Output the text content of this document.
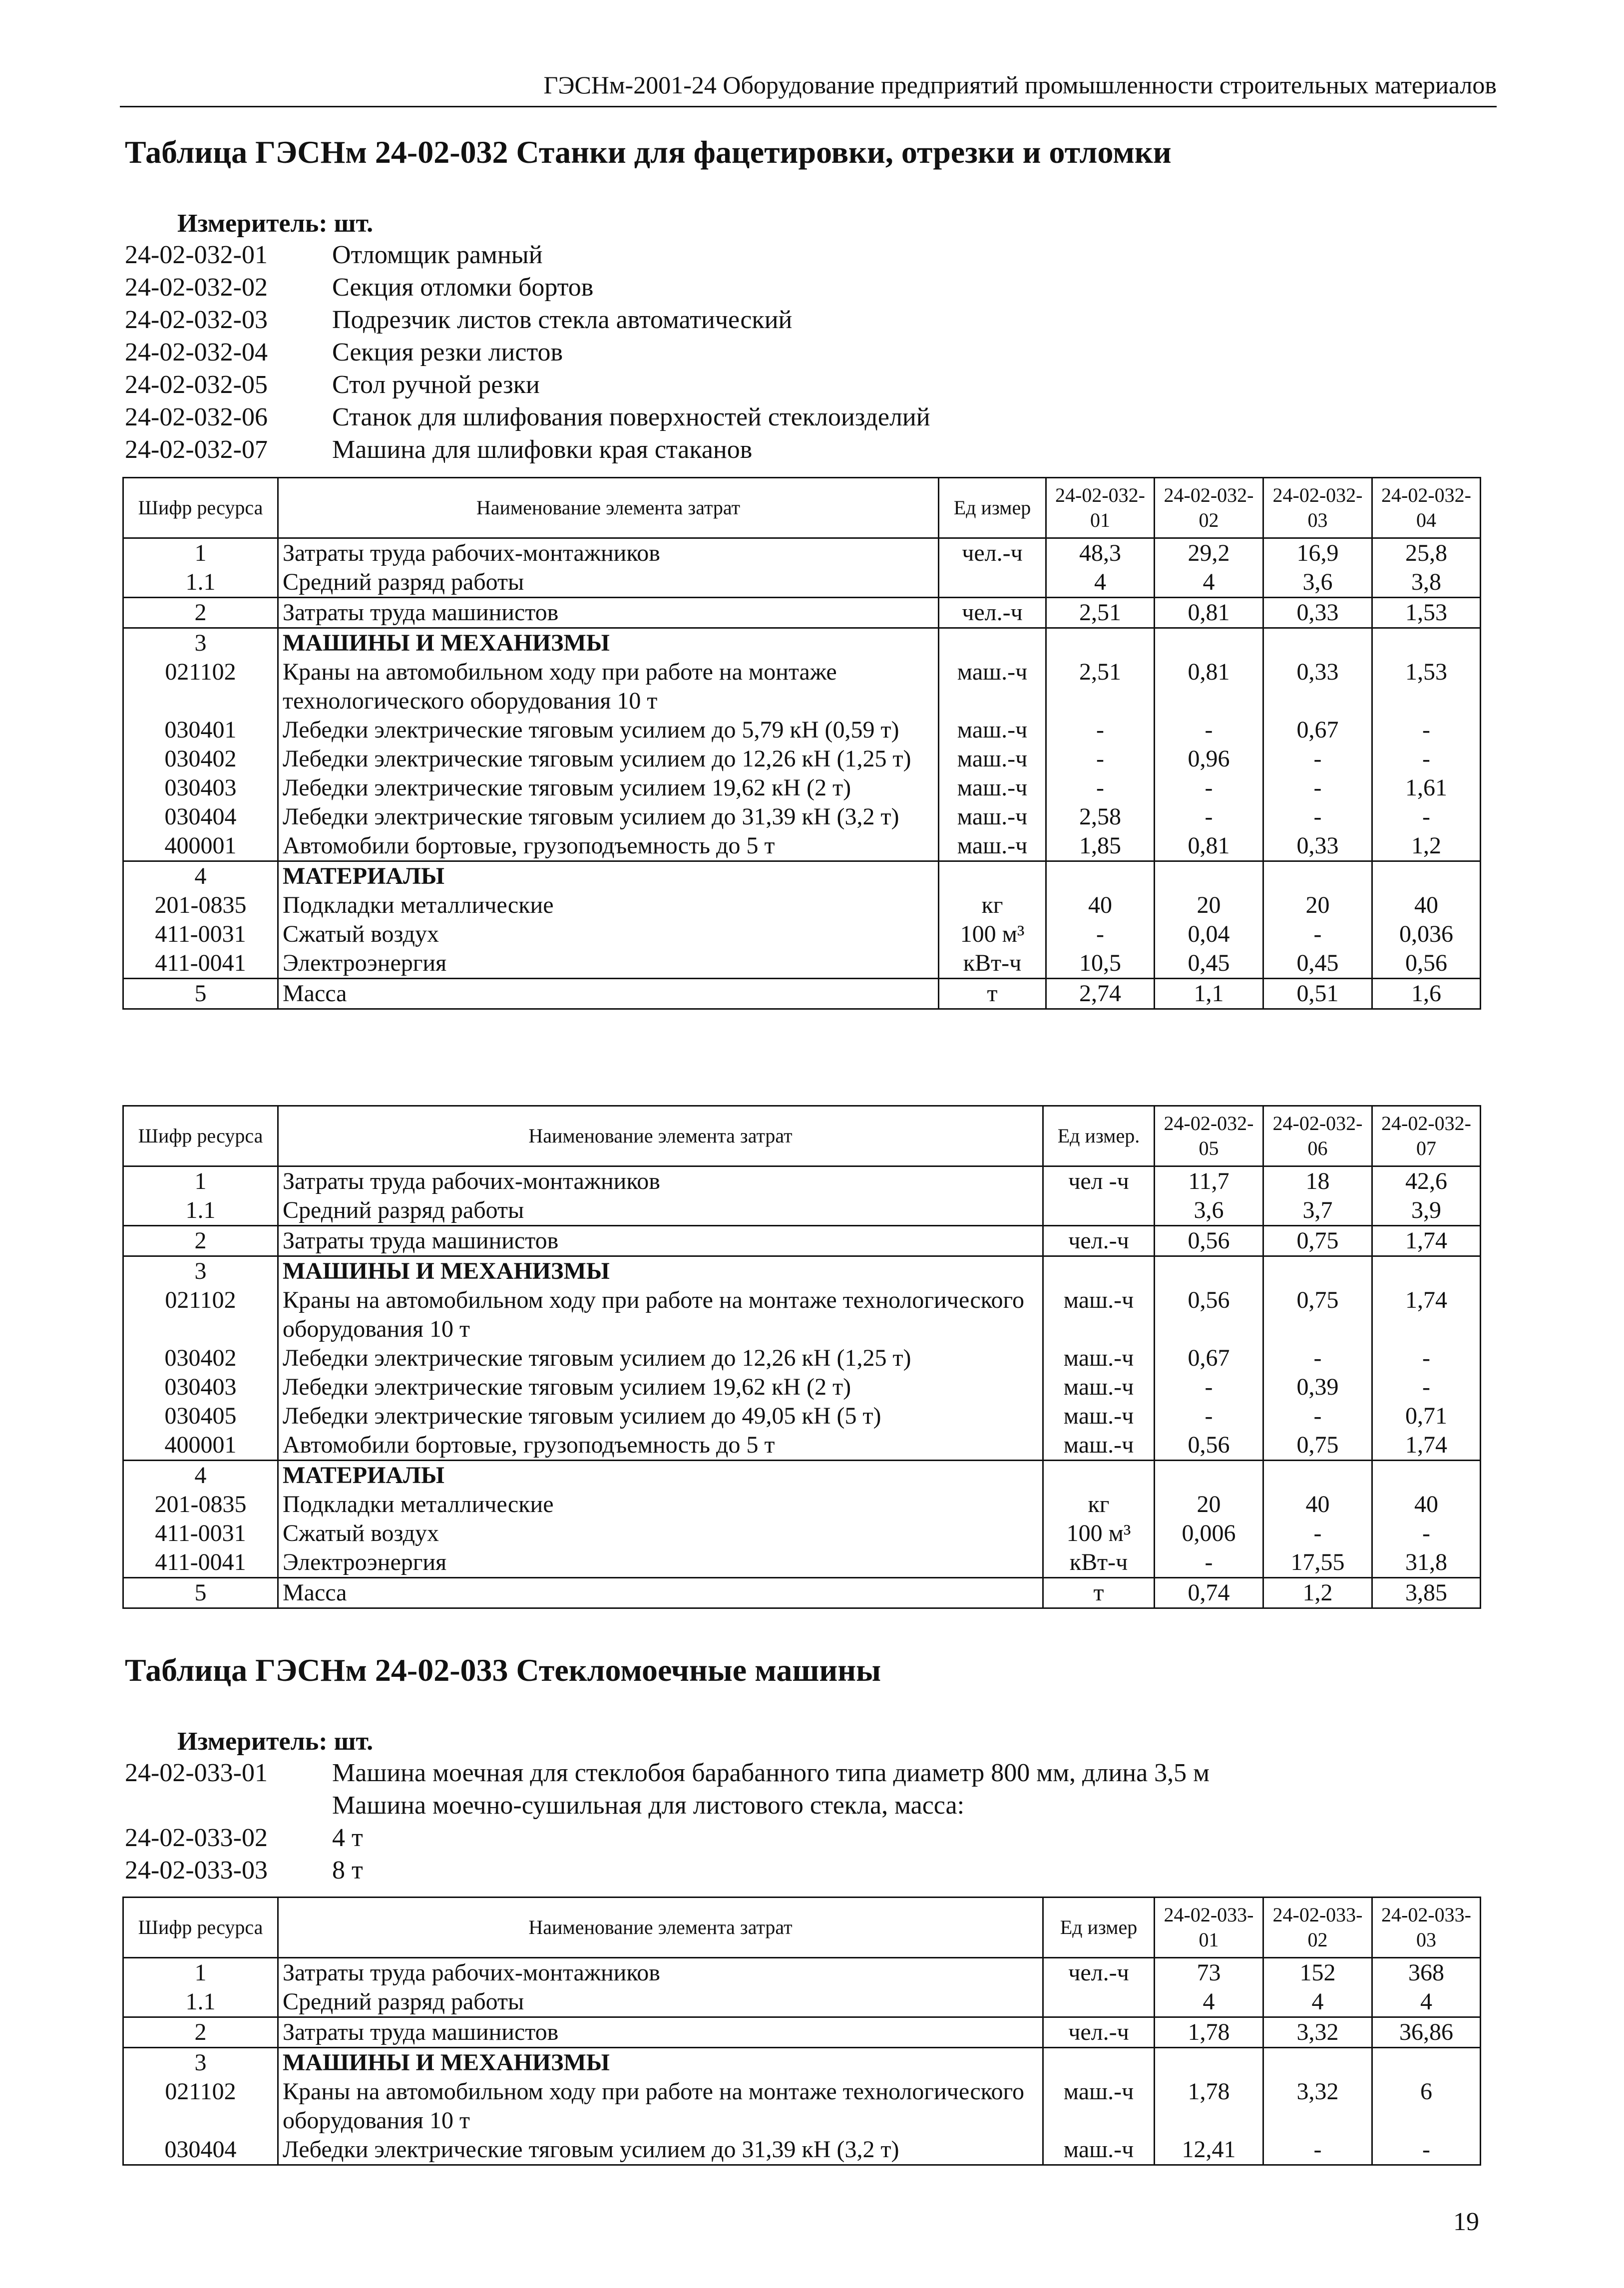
ГЭСНм-2001-24 Оборудование предприятий промышленности строительных материалов
Таблица ГЭСНм 24-02-032 Станки для фацетировки, отрезки и отломки
Измеритель: шт.
24-02-032-01	Отломщик рамный
24-02-032-02	Секция отломки бортов
24-02-032-03	Подрезчик листов стекла автоматический
24-02-032-04	Секция резки листов
24-02-032-05	Стол ручной резки
24-02-032-06	Станок для шлифования поверхностей стеклоизделий
24-02-032-07	Машина для шлифовки края стаканов
Шифр ресурса	Наименование элемента затрат	Ед измер	24-02-032-01	24-02-032-02	24-02-032-03	24-02-032-04
1	Затраты труда рабочих-монтажников	чел.-ч	48,3	29,2	16,9	25,8
1.1	Средний разряд работы		4	4	3,6	3,8
2	Затраты труда машинистов	чел.-ч	2,51	0,81	0,33	1,53
3	МАШИНЫ И МЕХАНИЗМЫ					
021102	Краны на автомобильном ходу при работе на монтаже технологического оборудования 10 т	маш.-ч	2,51	0,81	0,33	1,53
030401	Лебедки электрические тяговым усилием до 5,79 кН (0,59 т)	маш.-ч	-	-	0,67	-
030402	Лебедки электрические тяговым усилием до 12,26 кН (1,25 т)	маш.-ч	-	0,96	-	-
030403	Лебедки электрические тяговым усилием 19,62 кН (2 т)	маш.-ч	-	-	-	1,61
030404	Лебедки электрические тяговым усилием до 31,39 кН (3,2 т)	маш.-ч	2,58	-	-	-
400001	Автомобили бортовые, грузоподъемность до 5 т	маш.-ч	1,85	0,81	0,33	1,2
4	МАТЕРИАЛЫ					
201-0835	Подкладки металлические	кг	40	20	20	40
411-0031	Сжатый воздух	100 м³	-	0,04	-	0,036
411-0041	Электроэнергия	кВт-ч	10,5	0,45	0,45	0,56
5	Масса	т	2,74	1,1	0,51	1,6
Шифр ресурса	Наименование элемента затрат	Ед измер.	24-02-032-05	24-02-032-06	24-02-032-07
1	Затраты труда рабочих-монтажников	чел -ч	11,7	18	42,6
1.1	Средний разряд работы		3,6	3,7	3,9
2	Затраты труда машинистов	чел.-ч	0,56	0,75	1,74
3	МАШИНЫ И МЕХАНИЗМЫ				
021102	Краны на автомобильном ходу при работе на монтаже технологического оборудования 10 т	маш.-ч	0,56	0,75	1,74
030402	Лебедки электрические тяговым усилием до 12,26 кН (1,25 т)	маш.-ч	0,67	-	-
030403	Лебедки электрические тяговым усилием 19,62 кН (2 т)	маш.-ч	-	0,39	-
030405	Лебедки электрические тяговым усилием до 49,05 кН (5 т)	маш.-ч	-	-	0,71
400001	Автомобили бортовые, грузоподъемность до 5 т	маш.-ч	0,56	0,75	1,74
4	МАТЕРИАЛЫ				
201-0835	Подкладки металлические	кг	20	40	40
411-0031	Сжатый воздух	100 м³	0,006	-	-
411-0041	Электроэнергия	кВт-ч	-	17,55	31,8
5	Масса	т	0,74	1,2	3,85
Таблица ГЭСНм 24-02-033 Стекломоечные машины
Измеритель: шт.
24-02-033-01	Машина моечная для стеклобоя барабанного типа диаметр 800 мм, длина 3,5 м
Машина моечно-сушильная для листового стекла, масса:
24-02-033-02	4 т
24-02-033-03	8 т
Шифр ресурса	Наименование элемента затрат	Ед измер	24-02-033-01	24-02-033-02	24-02-033-03
1	Затраты труда рабочих-монтажников	чел.-ч	73	152	368
1.1	Средний разряд работы		4	4	4
2	Затраты труда машинистов	чел.-ч	1,78	3,32	36,86
3	МАШИНЫ И МЕХАНИЗМЫ				
021102	Краны на автомобильном ходу при работе на монтаже технологического оборудования 10 т	маш.-ч	1,78	3,32	6
030404	Лебедки электрические тяговым усилием до 31,39 кН (3,2 т)	маш.-ч	12,41	-	-
19
